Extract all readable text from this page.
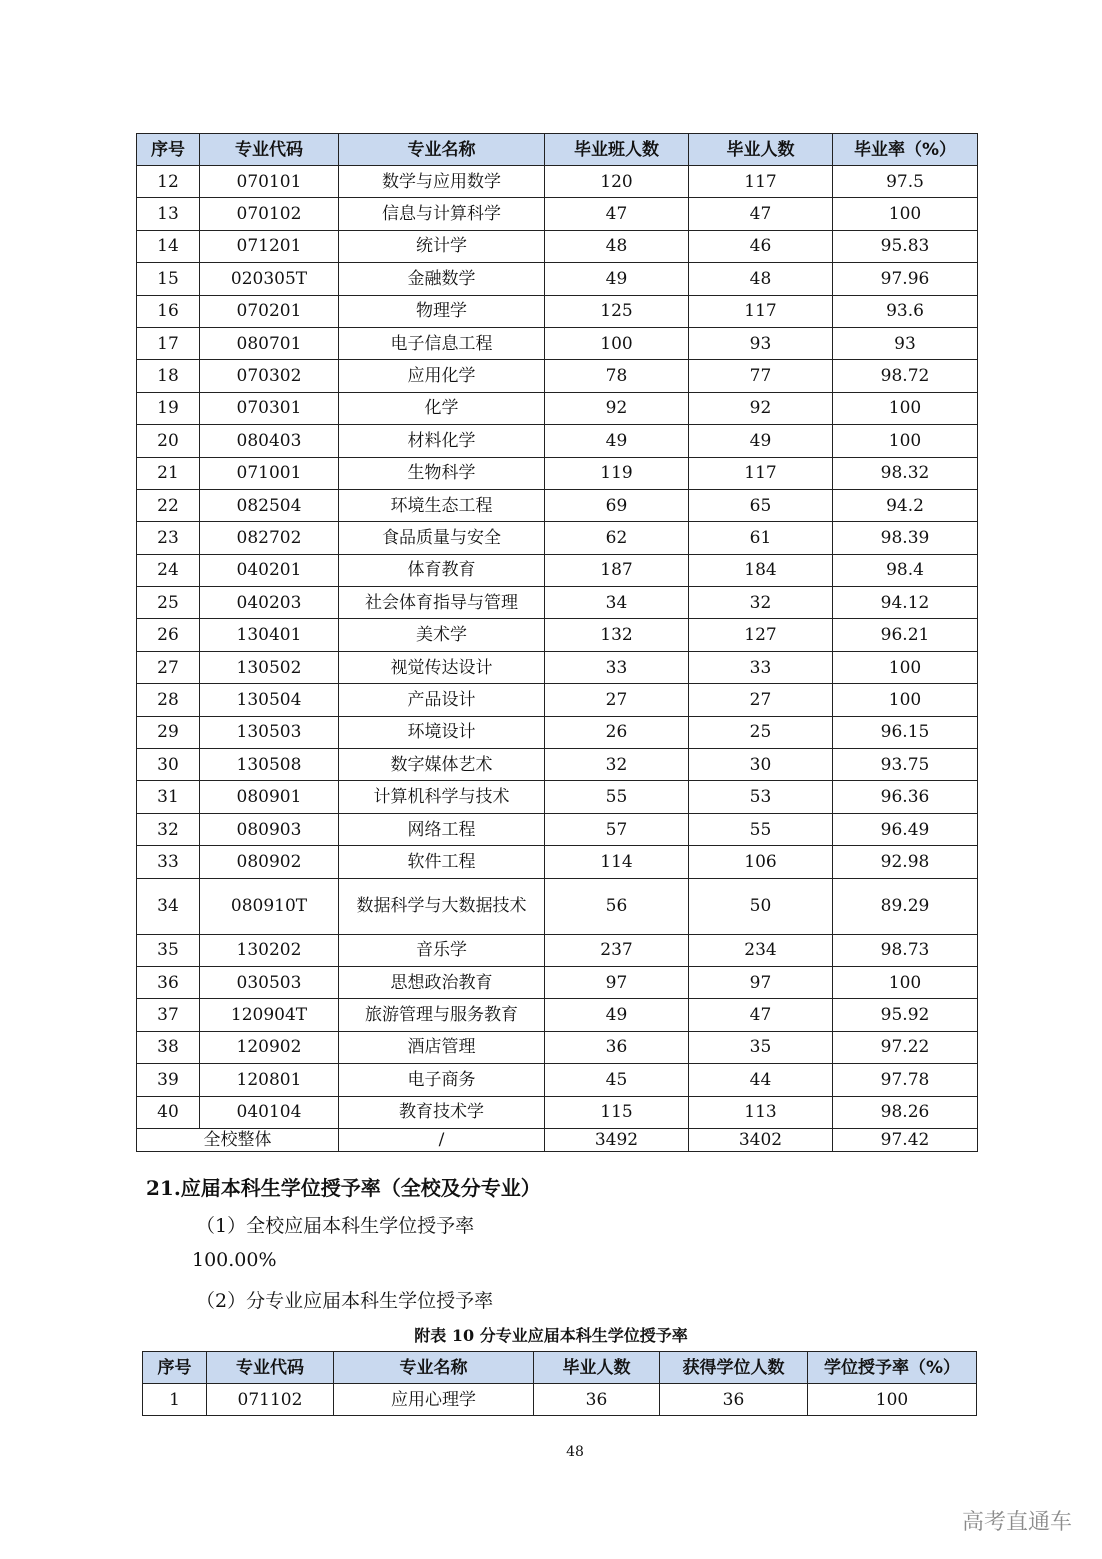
序号	专业代码	专业名称	毕业班人数	毕业人数	毕业率（%）
12	070101	数学与应用数学	120	117	97.5
13	070102	信息与计算科学	47	47	100
14	071201	统计学	48	46	95.83
15	020305T	金融数学	49	48	97.96
16	070201	物理学	125	117	93.6
17	080701	电子信息工程	100	93	93
18	070302	应用化学	78	77	98.72
19	070301	化学	92	92	100
20	080403	材料化学	49	49	100
21	071001	生物科学	119	117	98.32
22	082504	环境生态工程	69	65	94.2
23	082702	食品质量与安全	62	61	98.39
24	040201	体育教育	187	184	98.4
25	040203	社会体育指导与管理	34	32	94.12
26	130401	美术学	132	127	96.21
27	130502	视觉传达设计	33	33	100
28	130504	产品设计	27	27	100
29	130503	环境设计	26	25	96.15
30	130508	数字媒体艺术	32	30	93.75
31	080901	计算机科学与技术	55	53	96.36
32	080903	网络工程	57	55	96.49
33	080902	软件工程	114	106	92.98
34	080910T	数据科学与大数据技术	56	50	89.29
35	130202	音乐学	237	234	98.73
36	030503	思想政治教育	97	97	100
37	120904T	旅游管理与服务教育	49	47	95.92
38	120902	酒店管理	36	35	97.22
39	120801	电子商务	45	44	97.78
40	040104	教育技术学	115	113	98.26
全校整体		/	3492	3402	97.42
21.应届本科生学位授予率（全校及分专业）
（1）全校应届本科生学位授予率
100.00%
（2）分专业应届本科生学位授予率
附表 10 分专业应届本科生学位授予率
序号	专业代码	专业名称	毕业人数	获得学位人数	学位授予率（%）
1	071102	应用心理学	36	36	100
48
高考直通车
